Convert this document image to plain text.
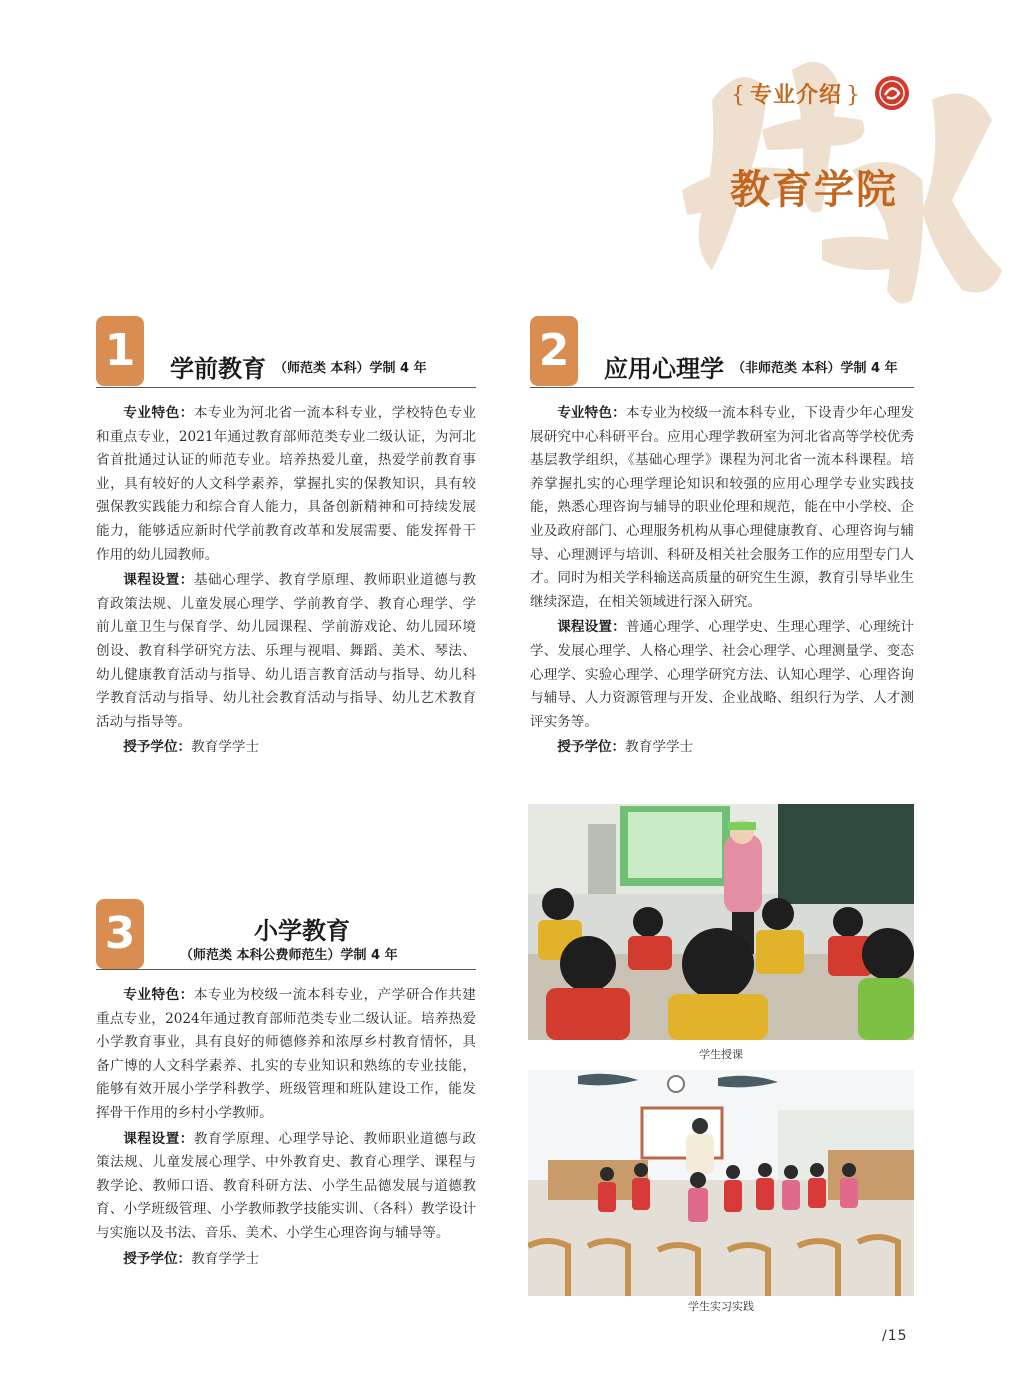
{ 专业介绍 }
教育学院
1	学前教育 （师范类 本科）学制 4 年

专业特色：本专业为河北省一流本科专业，学校特色专业和重点专业，2021年通过教育部师范类专业二级认证，为河北省首批通过认证的师范专业。培养热爱儿童，热爱学前教育事业，具有较好的人文科学素养，掌握扎实的保教知识，具有较强保教实践能力和综合育人能力，具备创新精神和可持续发展能力，能够适应新时代学前教育改革和发展需要、能发挥骨干作用的幼儿园教师。

课程设置：基础心理学、教育学原理、教师职业道德与教育政策法规、儿童发展心理学、学前教育学、教育心理学、学前儿童卫生与保育学、幼儿园课程、学前游戏论、幼儿园环境创设、教育科学研究方法、乐理与视唱、舞蹈、美术、琴法、幼儿健康教育活动与指导、幼儿语言教育活动与指导、幼儿科学教育活动与指导、幼儿社会教育活动与指导、幼儿艺术教育活动与指导等。

授予学位：教育学学士

2	应用心理学 （非师范类 本科）学制 4 年

专业特色：本专业为校级一流本科专业，下设青少年心理发展研究中心科研平台。应用心理学教研室为河北省高等学校优秀基层教学组织，《基础心理学》课程为河北省一流本科课程。培养掌握扎实的心理学理论知识和较强的应用心理学专业实践技能，熟悉心理咨询与辅导的职业伦理和规范，能在中小学校、企业及政府部门、心理服务机构从事心理健康教育、心理咨询与辅导、心理测评与培训、科研及相关社会服务工作的应用型专门人才。同时为相关学科输送高质量的研究生生源，教育引导毕业生继续深造，在相关领域进行深入研究。

课程设置：普通心理学、心理学史、生理心理学、心理统计学、发展心理学、人格心理学、社会心理学、心理测量学、变态心理学、实验心理学、心理学研究方法、认知心理学、心理咨询与辅导、人力资源管理与开发、企业战略、组织行为学、人才测评实务等。

授予学位：教育学学士

3	小学教育
（师范类 本科公费师范生）学制 4 年

专业特色：本专业为校级一流本科专业，产学研合作共建重点专业，2024年通过教育部师范类专业二级认证。培养热爱小学教育事业，具有良好的师德修养和浓厚乡村教育情怀，具备广博的人文科学素养、扎实的专业知识和熟练的专业技能，能够有效开展小学学科教学、班级管理和班队建设工作，能发挥骨干作用的乡村小学教师。

课程设置：教育学原理、心理学导论、教师职业道德与政策法规、儿童发展心理学、中外教育史、教育心理学、课程与教学论、教师口语、教育科研方法、小学生品德发展与道德教育、小学班级管理、小学教师教学技能实训、（各科）教学设计与实施以及书法、音乐、美术、小学生心理咨询与辅导等。

授予学位：教育学学士

学生授课
学生实习实践
/15
